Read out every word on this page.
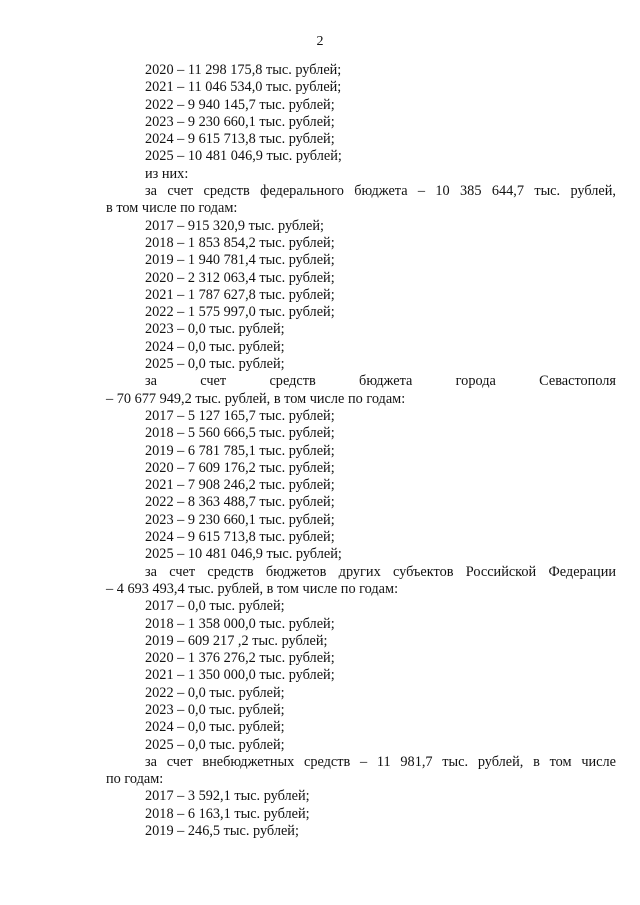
2
2020 – 11 298 175,8 тыс. рублей;
2021 – 11 046 534,0 тыс. рублей;
2022 – 9 940 145,7 тыс. рублей;
2023 – 9 230 660,1 тыс. рублей;
2024 – 9 615 713,8 тыс. рублей;
2025 – 10 481 046,9 тыс. рублей;
из них:
за счет средств федерального бюджета – 10 385 644,7 тыс. рублей,
в том числе по годам:
2017 – 915 320,9 тыс. рублей;
2018 – 1 853 854,2 тыс. рублей;
2019 – 1 940 781,4 тыс. рублей;
2020 – 2 312 063,4 тыс. рублей;
2021 – 1 787 627,8 тыс. рублей;
2022 – 1 575 997,0 тыс. рублей;
2023 – 0,0 тыс. рублей;
2024 – 0,0 тыс. рублей;
2025 – 0,0 тыс. рублей;
за счет средств бюджета города Севастополя
– 70 677 949,2 тыс. рублей, в том числе по годам:
2017 – 5 127 165,7 тыс. рублей;
2018 – 5 560 666,5 тыс. рублей;
2019 – 6 781 785,1 тыс. рублей;
2020 – 7 609 176,2 тыс. рублей;
2021 – 7 908 246,2 тыс. рублей;
2022 – 8 363 488,7 тыс. рублей;
2023 – 9 230 660,1 тыс. рублей;
2024 – 9 615 713,8 тыс. рублей;
2025 – 10 481 046,9 тыс. рублей;
за счет средств бюджетов других субъектов Российской Федерации
– 4 693 493,4 тыс. рублей, в том числе по годам:
2017 – 0,0 тыс. рублей;
2018 – 1 358 000,0 тыс. рублей;
2019 – 609 217 ,2 тыс. рублей;
2020 – 1 376 276,2 тыс. рублей;
2021 – 1 350 000,0 тыс. рублей;
2022 – 0,0 тыс. рублей;
2023 – 0,0 тыс. рублей;
2024 – 0,0 тыс. рублей;
2025 – 0,0 тыс. рублей;
за счет внебюджетных средств – 11 981,7 тыс. рублей, в том числе
по годам:
2017 – 3 592,1 тыс. рублей;
2018 – 6 163,1 тыс. рублей;
2019 – 246,5 тыс. рублей;
